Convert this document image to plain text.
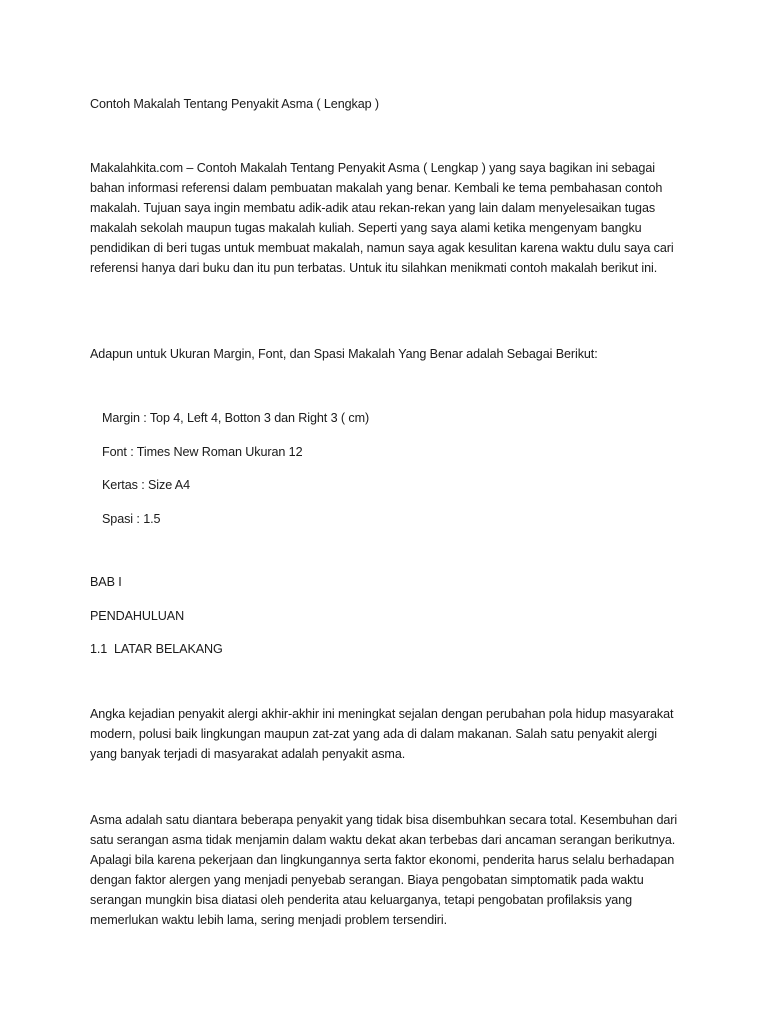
Contoh Makalah Tentang Penyakit Asma ( Lengkap )

Makalahkita.com – Contoh Makalah Tentang Penyakit Asma ( Lengkap ) yang saya bagikan ini sebagai bahan informasi referensi dalam pembuatan makalah yang benar. Kembali ke tema pembahasan contoh makalah. Tujuan saya ingin membatu adik-adik atau rekan-rekan yang lain dalam menyelesaikan tugas makalah sekolah maupun tugas makalah kuliah. Seperti yang saya alami ketika mengenyam bangku pendidikan di beri tugas untuk membuat makalah, namun saya agak kesulitan karena waktu dulu saya cari referensi hanya dari buku dan itu pun terbatas. Untuk itu silahkan menikmati contoh makalah berikut ini.

Adapun untuk Ukuran Margin, Font, dan Spasi Makalah Yang Benar adalah Sebagai Berikut:

Margin : Top 4, Left 4, Botton 3 dan Right 3 ( cm)

Font : Times New Roman Ukuran 12

Kertas : Size A4

Spasi : 1.5

BAB I

PENDAHULUAN

1.1 LATAR BELAKANG

Angka kejadian penyakit alergi akhir-akhir ini meningkat sejalan dengan perubahan pola hidup masyarakat modern, polusi baik lingkungan maupun zat-zat yang ada di dalam makanan. Salah satu penyakit alergi yang banyak terjadi di masyarakat adalah penyakit asma.

Asma adalah satu diantara beberapa penyakit yang tidak bisa disembuhkan secara total. Kesembuhan dari satu serangan asma tidak menjamin dalam waktu dekat akan terbebas dari ancaman serangan berikutnya. Apalagi bila karena pekerjaan dan lingkungannya serta faktor ekonomi, penderita harus selalu berhadapan dengan faktor alergen yang menjadi penyebab serangan. Biaya pengobatan simptomatik pada waktu serangan mungkin bisa diatasi oleh penderita atau keluarganya, tetapi pengobatan profilaksis yang memerlukan waktu lebih lama, sering menjadi problem tersendiri.
